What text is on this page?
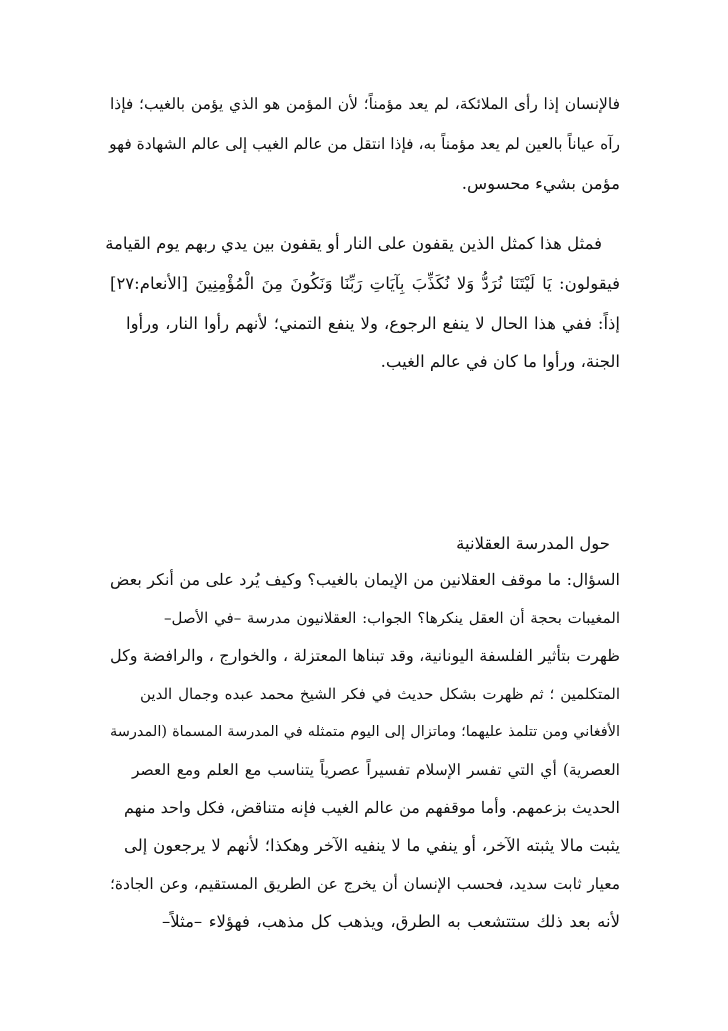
فالإنسان إذا رأى الملائكة، لم يعد مؤمناً؛ لأن المؤمن هو الذي يؤمن بالغيب؛ فإذا
رآه عياناً بالعين لم يعد مؤمناً به، فإذا انتقل من عالم الغيب إلى عالم الشهادة فهو
مؤمن بشيء محسوس.
فمثل هذا كمثل الذين يقفون على النار أو يقفون بين يدي ربهم يوم القيامة
فيقولون: يَا لَيْتَنَا نُرَدُّ وَلا نُكَذِّبَ بِآيَاتِ رَبِّنَا وَنَكُونَ مِنَ الْمُؤْمِنِينَ [الأنعام:٢٧]
إذاً: ففي هذا الحال لا ينفع الرجوع، ولا ينفع التمني؛ لأنهم رأوا النار، ورأوا
الجنة، ورأوا ما كان في عالم الغيب.
حول المدرسة العقلانية
السؤال: ما موقف العقلانين من الإيمان بالغيب؟ وكيف يُرد على من أنكر بعض
المغيبات بحجة أن العقل ينكرها؟ الجواب: العقلانيون مدرسة –في الأصل–
ظهرت بتأثير الفلسفة اليونانية، وقد تبناها المعتزلة ، والخوارج ، والرافضة وكل
المتكلمين ؛ ثم ظهرت بشكل حديث في فكر الشيخ محمد عبده وجمال الدين
الأفغاني ومن تتلمذ عليهما؛ وماتزال إلى اليوم متمثله في المدرسة المسماة (المدرسة
العصرية) أي التي تفسر الإسلام تفسيراً عصرياً يتناسب مع العلم ومع العصر
الحديث بزعمهم. وأما موقفهم من عالم الغيب فإنه متناقض، فكل واحد منهم
يثبت مالا يثبته الآخر، أو ينفي ما لا ينفيه الآخر وهكذا؛ لأنهم لا يرجعون إلى
معيار ثابت سديد، فحسب الإنسان أن يخرج عن الطريق المستقيم، وعن الجادة؛
لأنه بعد ذلك ستتشعب به الطرق، ويذهب كل مذهب، فهؤلاء –مثلاً–
